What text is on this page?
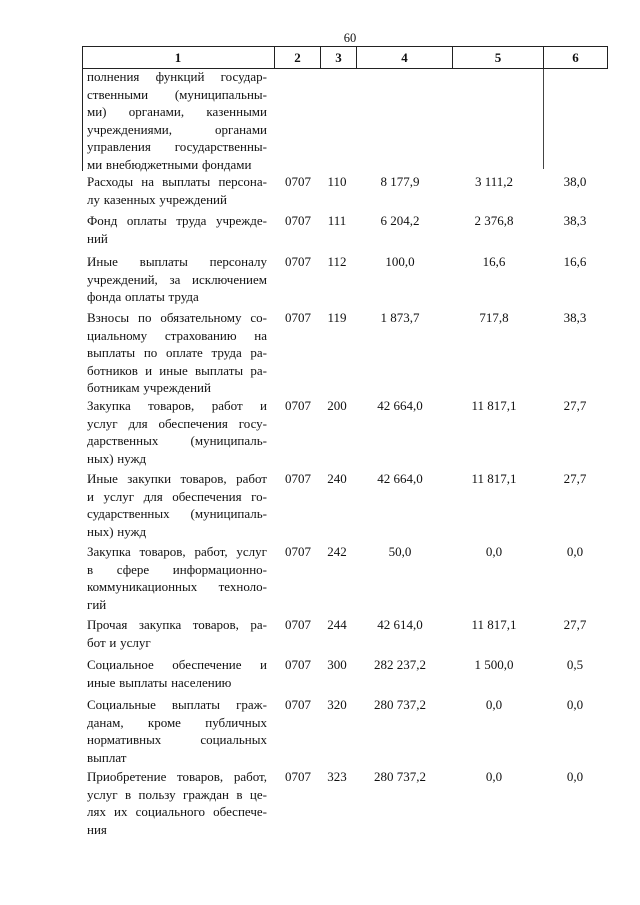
60
1	2	3	4	5	6
полнения функций государ-
ственными (муниципальны-
ми) органами, казенными
учреждениями, органами
управления государственны-
ми внебюджетными фондами
Расходы на выплаты персона-
лу казенных учреждений
0707	110	8 177,9	3 111,2	38,0
Фонд оплаты труда учрежде-
ний
0707	111	6 204,2	2 376,8	38,3
Иные выплаты персоналу
учреждений, за исключением
фонда оплаты труда
0707	112	100,0	16,6	16,6
Взносы по обязательному со-
циальному страхованию на
выплаты по оплате труда ра-
ботников и иные выплаты ра-
ботникам учреждений
0707	119	1 873,7	717,8	38,3
Закупка товаров, работ и
услуг для обеспечения госу-
дарственных (муниципаль-
ных) нужд
0707	200	42 664,0	11 817,1	27,7
Иные закупки товаров, работ
и услуг для обеспечения го-
сударственных (муниципаль-
ных) нужд
0707	240	42 664,0	11 817,1	27,7
Закупка товаров, работ, услуг
в сфере информационно-
коммуникационных техноло-
гий
0707	242	50,0	0,0	0,0
Прочая закупка товаров, ра-
бот и услуг
0707	244	42 614,0	11 817,1	27,7
Социальное обеспечение и
иные выплаты населению
0707	300	282 237,2	1 500,0	0,5
Социальные выплаты граж-
данам, кроме публичных
нормативных социальных
выплат
0707	320	280 737,2	0,0	0,0
Приобретение товаров, работ,
услуг в пользу граждан в це-
лях их социального обеспече-
ния
0707	323	280 737,2	0,0	0,0
